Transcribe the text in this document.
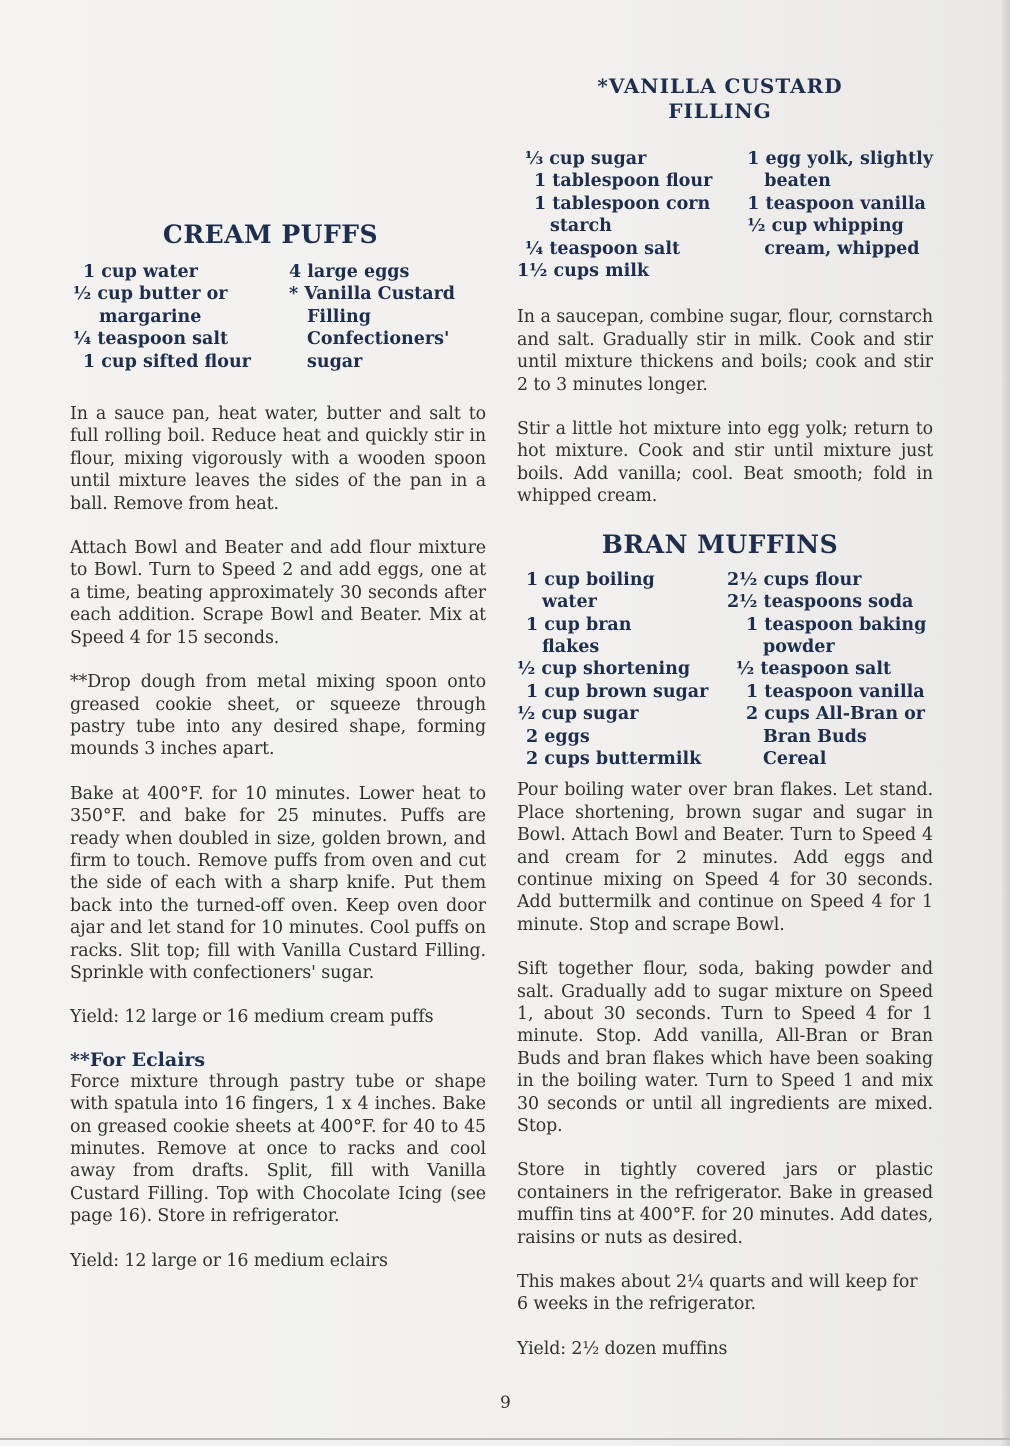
CREAM PUFFS
1 cup water
½ cup butter or
margarine
¼ teaspoon salt
1 cup sifted flour
4 large eggs
* Vanilla Custard
Filling
Confectioners'
sugar

In a sauce pan, heat water, butter and salt to full rolling boil. Reduce heat and quickly stir in flour, mixing vigorously with a wooden spoon until mixture leaves the sides of the pan in a ball. Remove from heat.

Attach Bowl and Beater and add flour mixture to Bowl. Turn to Speed 2 and add eggs, one at a time, beating approximately 30 seconds after each addition. Scrape Bowl and Beater. Mix at Speed 4 for 15 seconds.

**Drop dough from metal mixing spoon onto greased cookie sheet, or squeeze through pastry tube into any desired shape, forming mounds 3 inches apart.

Bake at 400°F. for 10 minutes. Lower heat to 350°F. and bake for 25 minutes. Puffs are ready when doubled in size, golden brown, and firm to touch. Remove puffs from oven and cut the side of each with a sharp knife. Put them back into the turned-off oven. Keep oven door ajar and let stand for 10 minutes. Cool puffs on racks. Slit top; fill with Vanilla Custard Filling. Sprinkle with confectioners' sugar.

Yield: 12 large or 16 medium cream puffs

**For Eclairs

Force mixture through pastry tube or shape with spatula into 16 fingers, 1 x 4 inches. Bake on greased cookie sheets at 400°F. for 40 to 45 minutes. Remove at once to racks and cool away from drafts. Split, fill with Vanilla Custard Filling. Top with Chocolate Icing (see page 16). Store in refrigerator.

Yield: 12 large or 16 medium eclairs

*VANILLA CUSTARD

FILLING

⅓ cup sugar
1 tablespoon flour
1 tablespoon corn
starch
¼ teaspoon salt
1½ cups milk
1 egg yolk, slightly
beaten
1 teaspoon vanilla
½ cup whipping
cream, whipped

In a saucepan, combine sugar, flour, cornstarch and salt. Gradually stir in milk. Cook and stir until mixture thickens and boils; cook and stir 2 to 3 minutes longer.

Stir a little hot mixture into egg yolk; return to hot mixture. Cook and stir until mixture just boils. Add vanilla; cool. Beat smooth; fold in whipped cream.

BRAN MUFFINS
1 cup boiling
water
1 cup bran
flakes
½ cup shortening
1 cup brown sugar
½ cup sugar
2 eggs
2 cups buttermilk
2½ cups flour
2½ teaspoons soda
1 teaspoon baking
powder
½ teaspoon salt
1 teaspoon vanilla
2 cups All-Bran or
Bran Buds
Cereal

Pour boiling water over bran flakes. Let stand. Place shortening, brown sugar and sugar in Bowl. Attach Bowl and Beater. Turn to Speed 4 and cream for 2 minutes. Add eggs and continue mixing on Speed 4 for 30 seconds. Add buttermilk and continue on Speed 4 for 1 minute. Stop and scrape Bowl.

Sift together flour, soda, baking powder and salt. Gradually add to sugar mixture on Speed 1, about 30 seconds. Turn to Speed 4 for 1 minute. Stop. Add vanilla, All-Bran or Bran Buds and bran flakes which have been soaking in the boiling water. Turn to Speed 1 and mix 30 seconds or until all ingredients are mixed. Stop.

Store in tightly covered jars or plastic containers in the refrigerator. Bake in greased muffin tins at 400°F. for 20 minutes. Add dates, raisins or nuts as desired.

This makes about 2¼ quarts and will keep for 6 weeks in the refrigerator.

Yield: 2½ dozen muffins

9
